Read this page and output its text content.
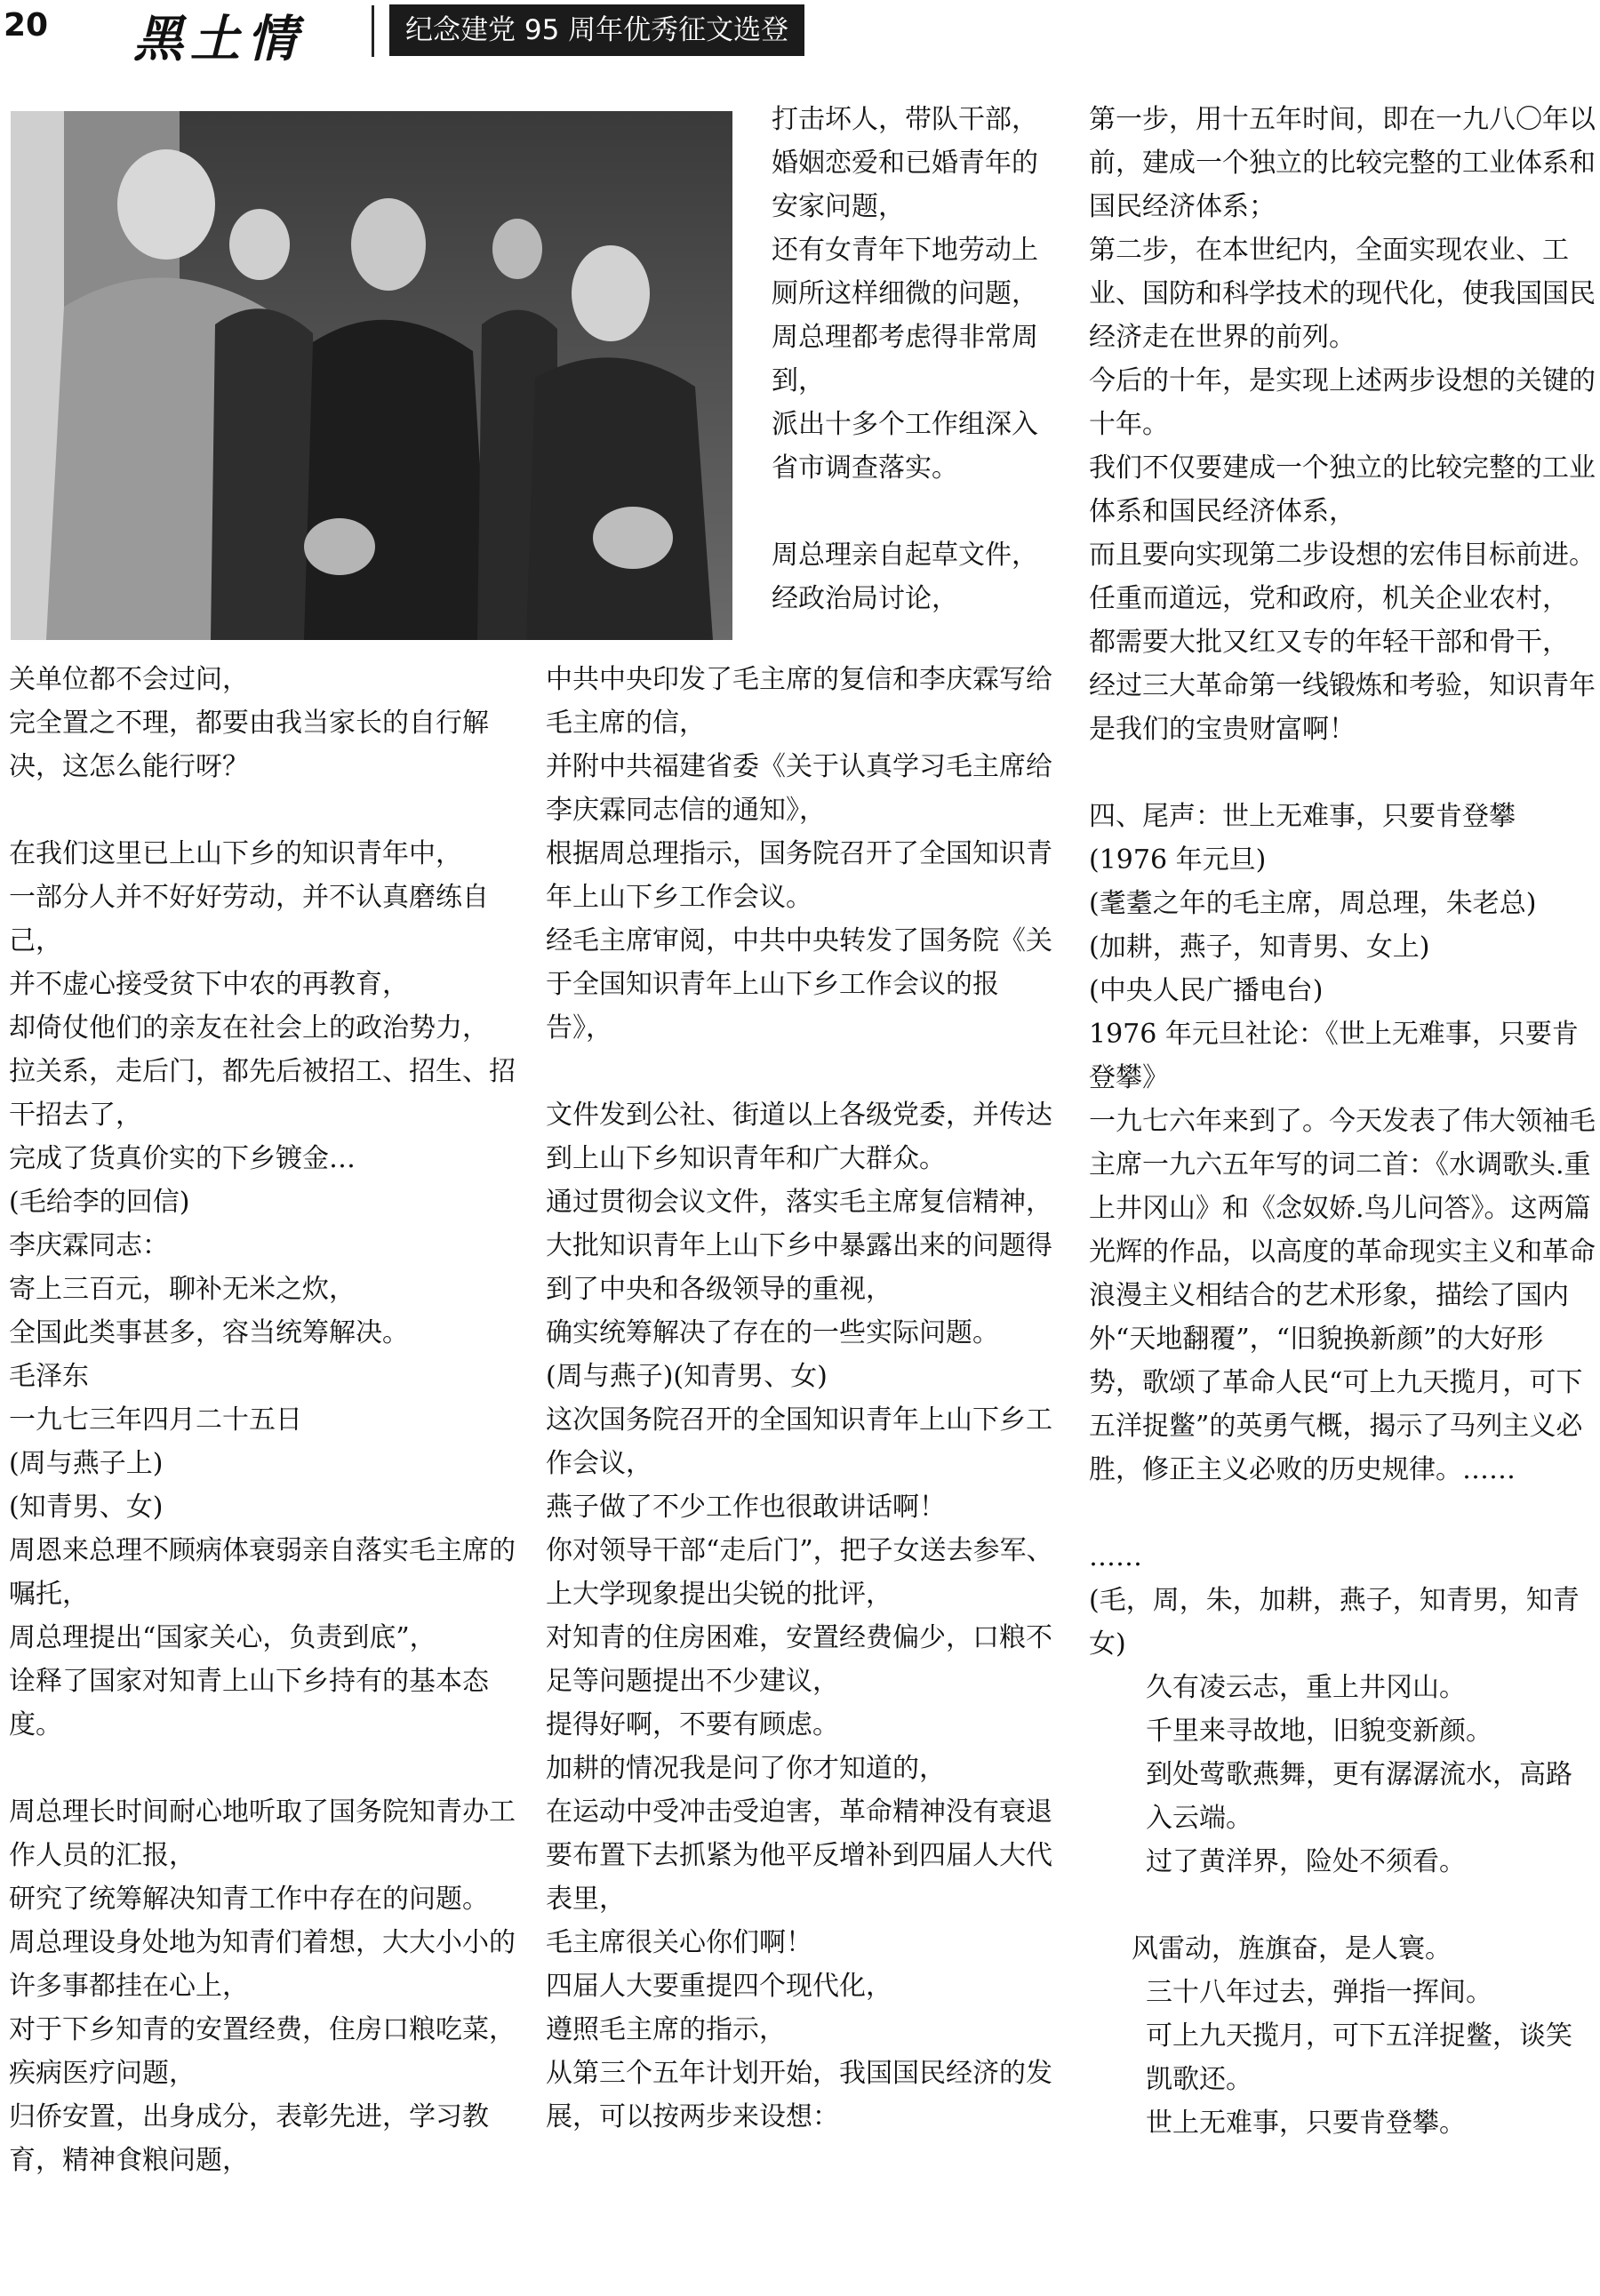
20 黑土情	纪念建党 95 周年优秀征文选登

打击坏人，带队干部，

婚姻恋爱和已婚青年的安家问题，

还有女青年下地劳动上厕所这样细微的问题，

周总理都考虑得非常周到，

派出十多个工作组深入省市调查落实。

周总理亲自起草文件，经政治局讨论，

关单位都不会过问，

完全置之不理，都要由我当家长的自行解决，这怎么能行呀？

在我们这里已上山下乡的知识青年中，

一部分人并不好好劳动，并不认真磨练自己，

并不虚心接受贫下中农的再教育，

却倚仗他们的亲友在社会上的政治势力，

拉关系，走后门，都先后被招工、招生、招干招去了，

完成了货真价实的下乡镀金…

(毛给李的回信)

李庆霖同志：

寄上三百元，聊补无米之炊，

全国此类事甚多，容当统筹解决。

毛泽东

一九七三年四月二十五日

(周与燕子上)

(知青男、女)

周恩来总理不顾病体衰弱亲自落实毛主席的嘱托，

周总理提出“国家关心，负责到底”，

诠释了国家对知青上山下乡持有的基本态度。

周总理长时间耐心地听取了国务院知青办工作人员的汇报，

研究了统筹解决知青工作中存在的问题。

周总理设身处地为知青们着想，大大小小的许多事都挂在心上，

对于下乡知青的安置经费，住房口粮吃菜，疾病医疗问题，

归侨安置，出身成分，表彰先进，学习教育，精神食粮问题，

中共中央印发了毛主席的复信和李庆霖写给毛主席的信，

并附中共福建省委《关于认真学习毛主席给李庆霖同志信的通知》，

根据周总理指示，国务院召开了全国知识青年上山下乡工作会议。

经毛主席审阅，中共中央转发了国务院《关于全国知识青年上山下乡工作会议的报告》，

文件发到公社、街道以上各级党委，并传达到上山下乡知识青年和广大群众。

通过贯彻会议文件，落实毛主席复信精神，

大批知识青年上山下乡中暴露出来的问题得到了中央和各级领导的重视，

确实统筹解决了存在的一些实际问题。

(周与燕子)(知青男、女)

这次国务院召开的全国知识青年上山下乡工作会议，

燕子做了不少工作也很敢讲话啊！

你对领导干部“走后门”，把子女送去参军、上大学现象提出尖锐的批评，

对知青的住房困难，安置经费偏少，口粮不足等问题提出不少建议，

提得好啊，不要有顾虑。

加耕的情况我是问了你才知道的，

在运动中受冲击受迫害，革命精神没有衰退

要布置下去抓紧为他平反增补到四届人大代表里，

毛主席很关心你们啊！

四届人大要重提四个现代化，

遵照毛主席的指示，

从第三个五年计划开始，我国国民经济的发展，可以按两步来设想：

第一步，用十五年时间，即在一九八〇年以前，建成一个独立的比较完整的工业体系和国民经济体系；

第二步，在本世纪内，全面实现农业、工业、国防和科学技术的现代化，使我国国民经济走在世界的前列。

今后的十年，是实现上述两步设想的关键的十年。

我们不仅要建成一个独立的比较完整的工业体系和国民经济体系，

而且要向实现第二步设想的宏伟目标前进。

任重而道远，党和政府，机关企业农村，

都需要大批又红又专的年轻干部和骨干，

经过三大革命第一线锻炼和考验，知识青年是我们的宝贵财富啊！

四、尾声：世上无难事，只要肯登攀

(1976 年元旦)

(耄耋之年的毛主席，周总理，朱老总)

(加耕，燕子，知青男、女上)

(中央人民广播电台)

1976 年元旦社论：《世上无难事，只要肯登攀》

一九七六年来到了。今天发表了伟大领袖毛主席一九六五年写的词二首：《水调歌头.重上井冈山》和《念奴娇.鸟儿问答》。这两篇光辉的作品，以高度的革命现实主义和革命浪漫主义相结合的艺术形象，描绘了国内外“天地翻覆”，“旧貌换新颜”的大好形势，歌颂了革命人民“可上九天揽月，可下五洋捉鳖”的英勇气概，揭示了马列主义必胜，修正主义必败的历史规律。……

……

(毛，周，朱，加耕，燕子，知青男，知青女)

久有凌云志，重上井冈山。

千里来寻故地，旧貌变新颜。

到处莺歌燕舞，更有潺潺流水，高路入云端。

过了黄洋界，险处不须看。

风雷动，旌旗奋，是人寰。

三十八年过去，弹指一挥间。

可上九天揽月，可下五洋捉鳖，谈笑凯歌还。

世上无难事，只要肯登攀。
